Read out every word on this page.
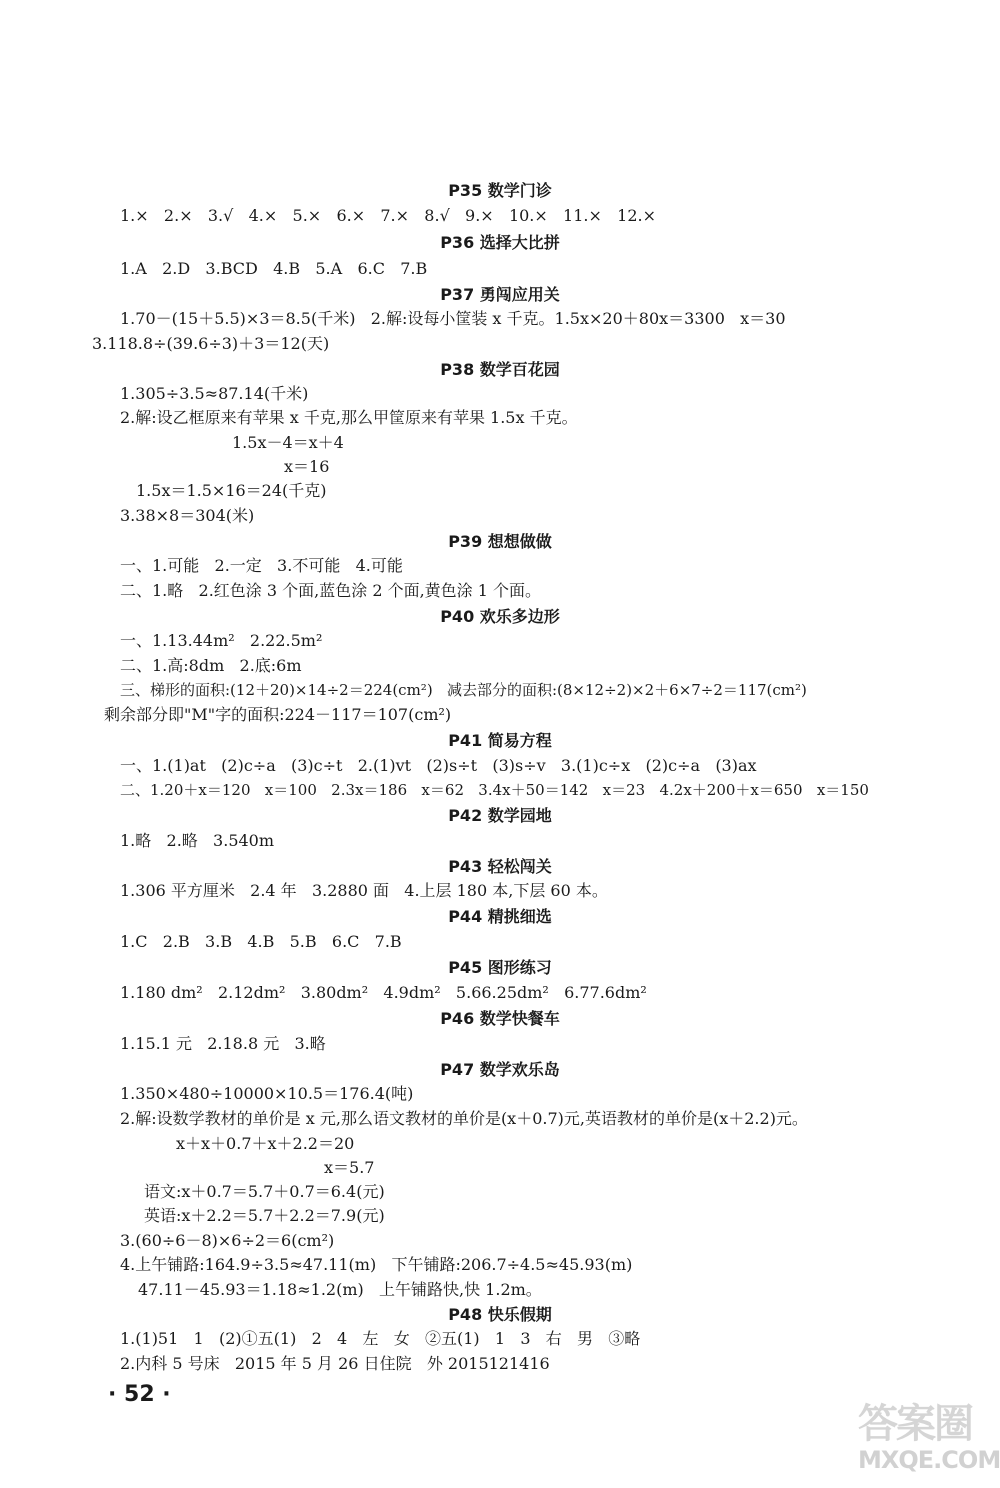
P35 数学门诊
1.×   2.×   3.√   4.×   5.×   6.×   7.×   8.√   9.×   10.×   11.×   12.×
P36 选择大比拼
1.A   2.D   3.BCD   4.B   5.A   6.C   7.B
P37 勇闯应用关
1.70－(15＋5.5)×3＝8.5(千米)   2.解:设每小筐装 x 千克。1.5x×20＋80x＝3300   x＝30
3.118.8÷(39.6÷3)＋3＝12(天)
P38 数学百花园
1.305÷3.5≈87.14(千米)
2.解:设乙框原来有苹果 x 千克,那么甲筐原来有苹果 1.5x 千克。
1.5x－4＝x＋4
x＝16
1.5x＝1.5×16＝24(千克)
3.38×8＝304(米)
P39 想想做做
一、1.可能   2.一定   3.不可能   4.可能
二、1.略   2.红色涂 3 个面,蓝色涂 2 个面,黄色涂 1 个面。
P40 欢乐多边形
一、1.13.44m²   2.22.5m²
二、1.高:8dm   2.底:6m
三、梯形的面积:(12＋20)×14÷2＝224(cm²)   减去部分的面积:(8×12÷2)×2＋6×7÷2＝117(cm²)
剩余部分即"M"字的面积:224－117＝107(cm²)
P41 简易方程
一、1.(1)at   (2)c÷a   (3)c÷t   2.(1)vt   (2)s÷t   (3)s÷v   3.(1)c÷x   (2)c÷a   (3)ax
二、1.20＋x＝120   x＝100   2.3x＝186   x＝62   3.4x＋50＝142   x＝23   4.2x＋200＋x＝650   x＝150
P42 数学园地
1.略   2.略   3.540m
P43 轻松闯关
1.306 平方厘米   2.4 年   3.2880 面   4.上层 180 本,下层 60 本。
P44 精挑细选
1.C   2.B   3.B   4.B   5.B   6.C   7.B
P45 图形练习
1.180 dm²   2.12dm²   3.80dm²   4.9dm²   5.66.25dm²   6.77.6dm²
P46 数学快餐车
1.15.1 元   2.18.8 元   3.略
P47 数学欢乐岛
1.350×480÷10000×10.5＝176.4(吨)
2.解:设数学教材的单价是 x 元,那么语文教材的单价是(x＋0.7)元,英语教材的单价是(x＋2.2)元。
x＋x＋0.7＋x＋2.2＝20
x＝5.7
语文:x＋0.7＝5.7＋0.7＝6.4(元)
英语:x＋2.2＝5.7＋2.2＝7.9(元)
3.(60÷6－8)×6÷2＝6(cm²)
4.上午铺路:164.9÷3.5≈47.11(m)   下午铺路:206.7÷4.5≈45.93(m)
47.11－45.93＝1.18≈1.2(m)   上午铺路快,快 1.2m。
P48 快乐假期
1.(1)51   1   (2)①五(1)   2   4   左   女   ②五(1)   1   3   右   男   ③略
2.内科 5 号床   2015 年 5 月 26 日住院   外 2015121416
· 52 ·
答案圈
MXQE.COM
